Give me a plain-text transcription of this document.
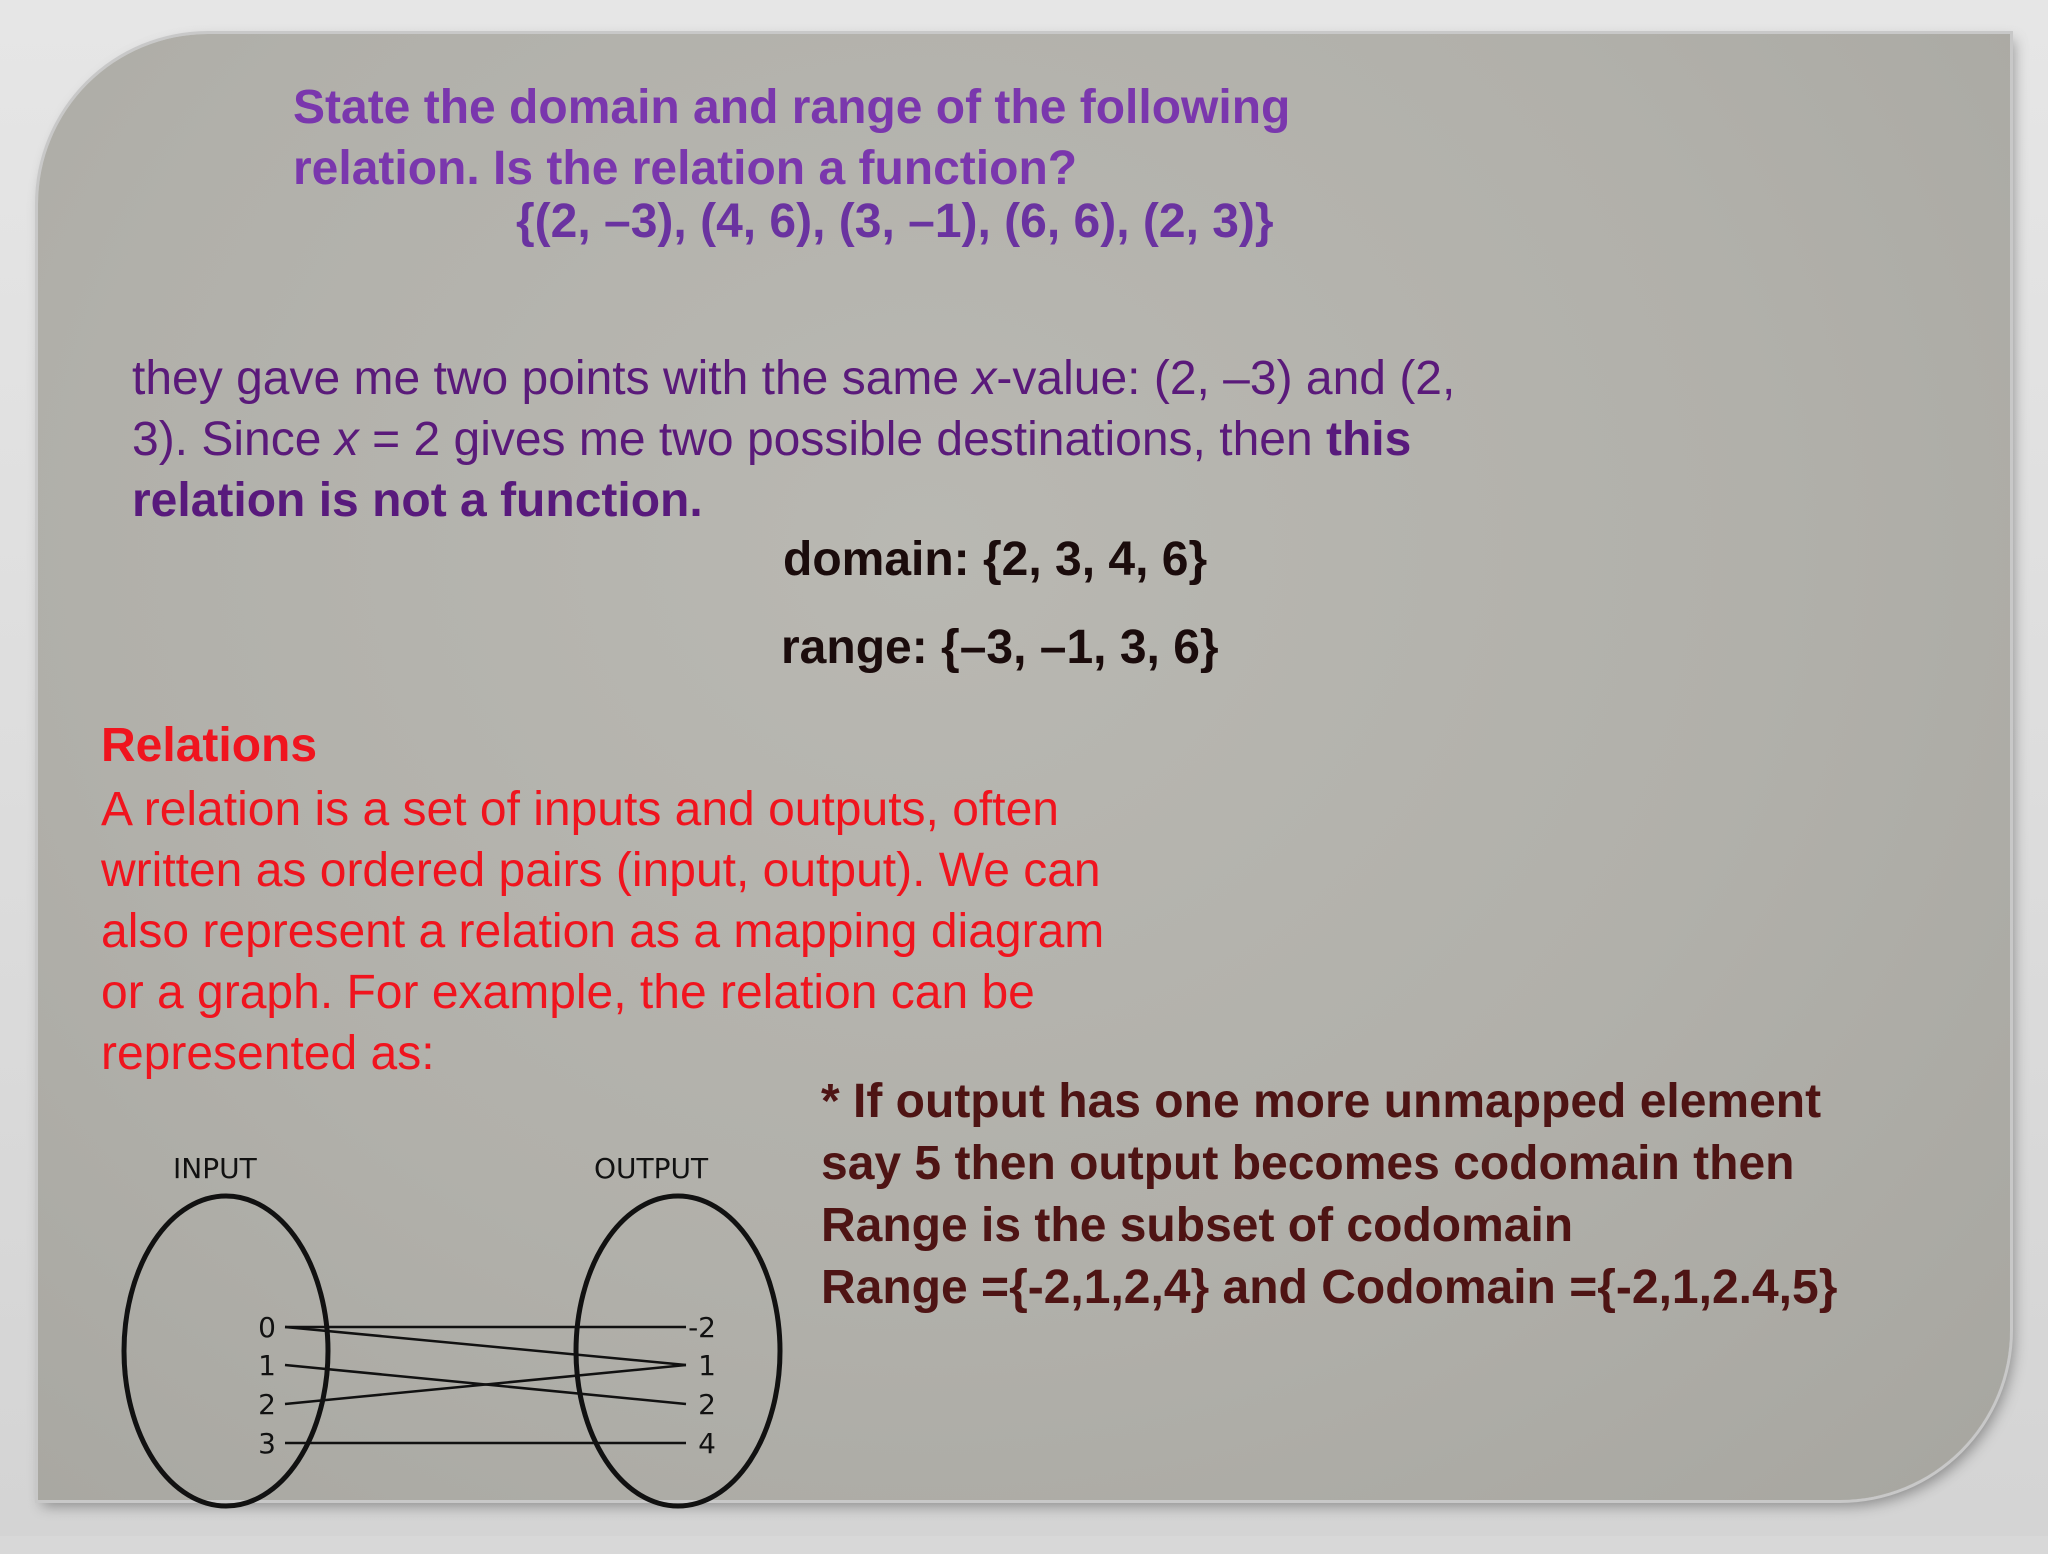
State the domain and range of the following
relation. Is the relation a function?
{(2, –3), (4, 6), (3, –1), (6, 6), (2, 3)}
they gave me two points with the same x-value: (2, –3) and (2,
3). Since x = 2 gives me two possible destinations, then this
relation is not a function.
domain: {2, 3, 4, 6}
range: {–3, –1, 3, 6}
Relations
A relation is a set of inputs and outputs, often
written as ordered pairs (input, output). We can
also represent a relation as a mapping diagram
or a graph. For example, the relation can be
represented as:
* If output has one more unmapped element
say 5 then output becomes codomain then
Range is the subset of codomain
Range ={-2,1,2,4} and Codomain ={-2,1,2.4,5}
INPUT	OUTPUT
0
1
2
3
-2
1
2
4
